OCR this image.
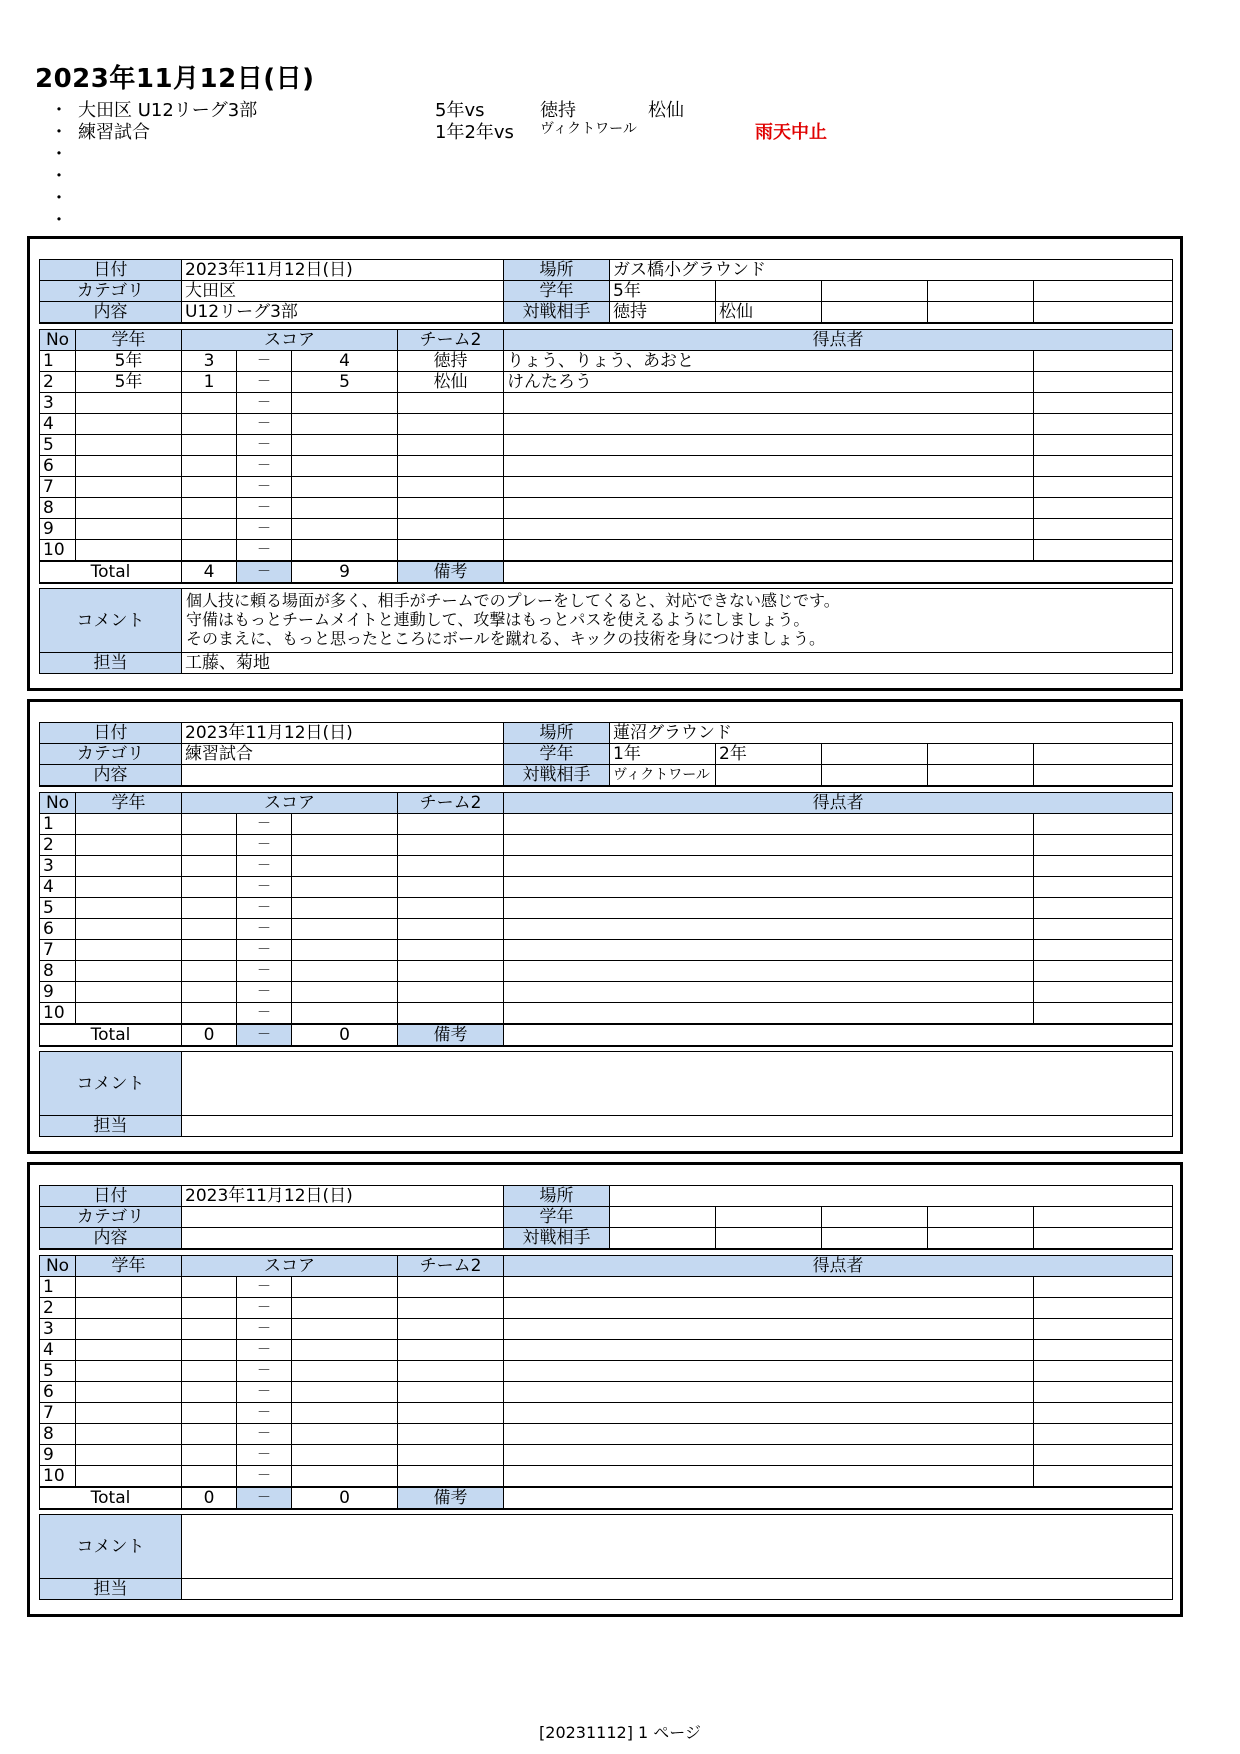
2023年11月12日(日)
・ 大田区 U12リーグ3部	5年vs	徳持	松仙
・ 練習試合	1年2年vs ヴィクトワール	雨天中止
・
・
・
・
日付		2023年11月12日(日)				場所	ガス橋小グラウンド					
カテゴリ		大田区				学年	5年					
内容		U12リーグ3部				対戦相手	徳持	松仙				

No	学年	スコア			チーム2	得点者						
1	5年	3	－	4	徳持	りょう、りょう、あおと						
2	5年	1	－	5	松仙	けんたろう						
3			－									
4			－									
5			－									
6			－									
7			－									
8			－									
9			－									
10			－									
Total		4	－	9	備考							

コメント		個人技に頼る場面が多く、相手がチームでのプレーをしてくると、対応できない感じです。
守備はもっとチームメイトと連動して、攻撃はもっとパスを使えるようにしましょう。
そのまえに、もっと思ったところにボールを蹴れる、キックの技術を身につけましょう。										

担当		工藤、菊地										
日付		2023年11月12日(日)				場所	蓮沼グラウンド					
カテゴリ		練習試合				学年	1年	2年				
内容						対戦相手	ヴィクトワール					

No	学年	スコア			チーム2	得点者						
1			－									
2			－									
3			－									
4			－									
5			－									
6			－									
7			－									
8			－									
9			－									
10			－									
Total		0	－	0	備考							

コメント												

担当												
日付		2023年11月12日(日)				場所						
カテゴリ						学年						
内容						対戦相手						

No	学年	スコア			チーム2	得点者						
1			－									
2			－									
3			－									
4			－									
5			－									
6			－									
7			－									
8			－									
9			－									
10			－									
Total		0	－	0	備考							

コメント												

担当												
[20231112] 1 ページ
